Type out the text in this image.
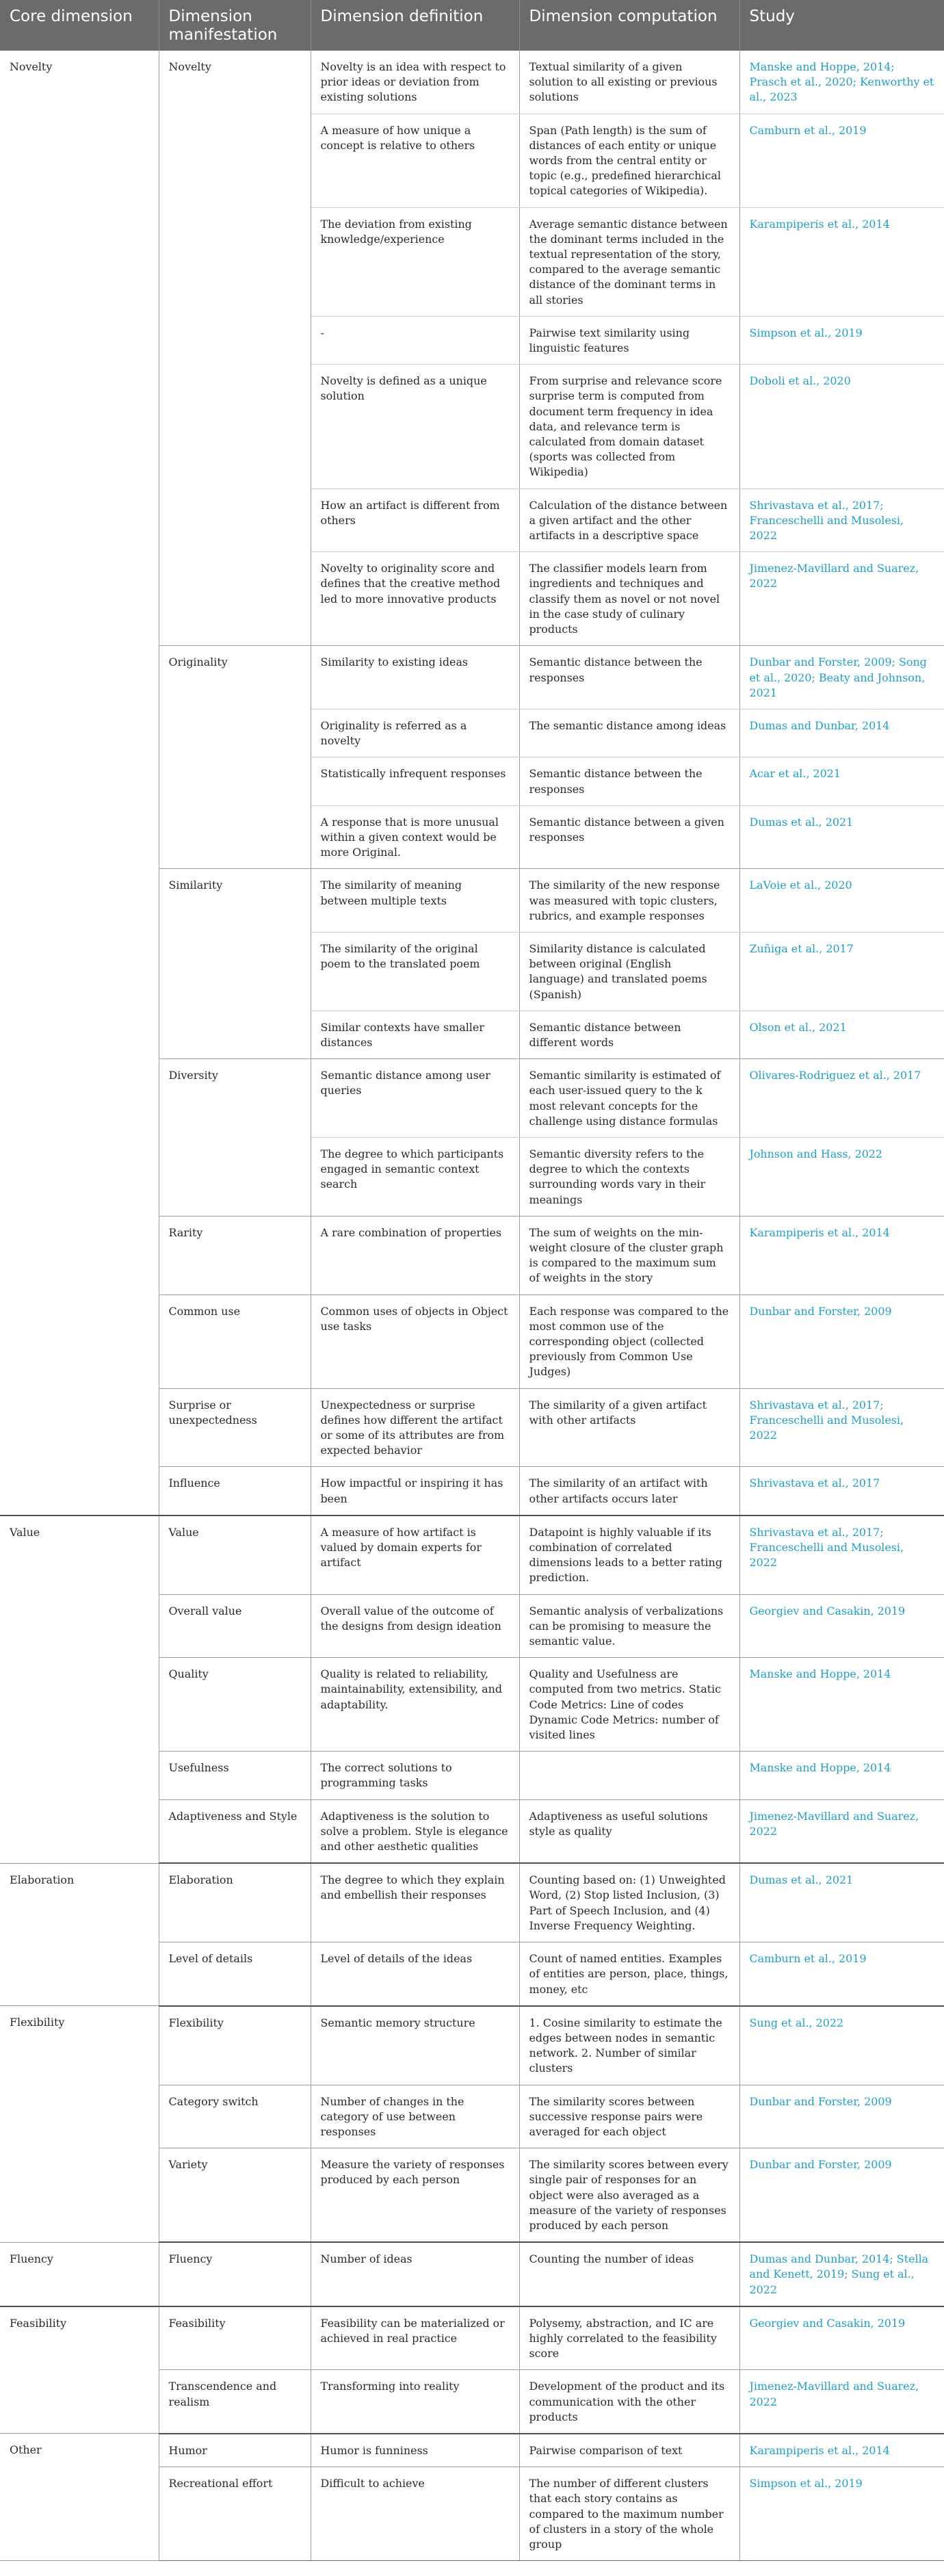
Core dimension	Dimension manifestation	Dimension definition	Dimension computation	Study
Novelty	Novelty	Novelty is an idea with respect to prior ideas or deviation from existing solutions	Textual similarity of a given solution to all existing or previous solutions	Manske and Hoppe, 2014; Prasch et al., 2020; Kenworthy et al., 2023
		A measure of how unique a concept is relative to others	Span (Path length) is the sum of distances of each entity or unique words from the central entity or topic (e.g., predefined hierarchical topical categories of Wikipedia).	Camburn et al., 2019
		The deviation from existing knowledge/experience	Average semantic distance between the dominant terms included in the textual representation of the story, compared to the average semantic distance of the dominant terms in all stories	Karampiperis et al., 2014
		-	Pairwise text similarity using linguistic features	Simpson et al., 2019
		Novelty is defined as a unique solution	From surprise and relevance score surprise term is computed from document term frequency in idea data, and relevance term is calculated from domain dataset (sports was collected from Wikipedia)	Doboli et al., 2020
		How an artifact is different from others	Calculation of the distance between a given artifact and the other artifacts in a descriptive space	Shrivastava et al., 2017; Franceschelli and Musolesi, 2022
		Novelty to originality score and defines that the creative method led to more innovative products	The classifier models learn from ingredients and techniques and classify them as novel or not novel in the case study of culinary products	Jimenez-Mavillard and Suarez, 2022
	Originality	Similarity to existing ideas	Semantic distance between the responses	Dunbar and Forster, 2009; Song et al., 2020; Beaty and Johnson, 2021
		Originality is referred as a novelty	The semantic distance among ideas	Dumas and Dunbar, 2014
		Statistically infrequent responses	Semantic distance between the responses	Acar et al., 2021
		A response that is more unusual within a given context would be more Original.	Semantic distance between a given responses	Dumas et al., 2021
	Similarity	The similarity of meaning between multiple texts	The similarity of the new response was measured with topic clusters, rubrics, and example responses	LaVoie et al., 2020
		The similarity of the original poem to the translated poem	Similarity distance is calculated between original (English language) and translated poems (Spanish)	Zuñiga et al., 2017
		Similar contexts have smaller distances	Semantic distance between different words	Olson et al., 2021
	Diversity	Semantic distance among user queries	Semantic similarity is estimated of each user-issued query to the k most relevant concepts for the challenge using distance formulas	Olivares-Rodriguez et al., 2017
		The degree to which participants engaged in semantic context search	Semantic diversity refers to the degree to which the contexts surrounding words vary in their meanings	Johnson and Hass, 2022
	Rarity	A rare combination of properties	The sum of weights on the min-weight closure of the cluster graph is compared to the maximum sum of weights in the story	Karampiperis et al., 2014
	Common use	Common uses of objects in Object use tasks	Each response was compared to the most common use of the corresponding object (collected previously from Common Use Judges)	Dunbar and Forster, 2009
	Surprise or unexpectedness	Unexpectedness or surprise defines how different the artifact or some of its attributes are from expected behavior	The similarity of a given artifact with other artifacts	Shrivastava et al., 2017; Franceschelli and Musolesi, 2022
	Influence	How impactful or inspiring it has been	The similarity of an artifact with other artifacts occurs later	Shrivastava et al., 2017
Value	Value	A measure of how artifact is valued by domain experts for artifact	Datapoint is highly valuable if its combination of correlated dimensions leads to a better rating prediction.	Shrivastava et al., 2017; Franceschelli and Musolesi, 2022
	Overall value	Overall value of the outcome of the designs from design ideation	Semantic analysis of verbalizations can be promising to measure the semantic value.	Georgiev and Casakin, 2019
	Quality	Quality is related to reliability, maintainability, extensibility, and adaptability.	Quality and Usefulness are computed from two metrics. Static Code Metrics: Line of codes Dynamic Code Metrics: number of visited lines	Manske and Hoppe, 2014
	Usefulness	The correct solutions to programming tasks		Manske and Hoppe, 2014
	Adaptiveness and Style	Adaptiveness is the solution to solve a problem. Style is elegance and other aesthetic qualities	Adaptiveness as useful solutions style as quality	Jimenez-Mavillard and Suarez, 2022
Elaboration	Elaboration	The degree to which they explain and embellish their responses	Counting based on: (1) Unweighted Word, (2) Stop listed Inclusion, (3) Part of Speech Inclusion, and (4) Inverse Frequency Weighting.	Dumas et al., 2021
	Level of details	Level of details of the ideas	Count of named entities. Examples of entities are person, place, things, money, etc	Camburn et al., 2019
Flexibility	Flexibility	Semantic memory structure	1. Cosine similarity to estimate the edges between nodes in semantic network. 2. Number of similar clusters	Sung et al., 2022
	Category switch	Number of changes in the category of use between responses	The similarity scores between successive response pairs were averaged for each object	Dunbar and Forster, 2009
	Variety	Measure the variety of responses produced by each person	The similarity scores between every single pair of responses for an object were also averaged as a measure of the variety of responses produced by each person	Dunbar and Forster, 2009
Fluency	Fluency	Number of ideas	Counting the number of ideas	Dumas and Dunbar, 2014; Stella and Kenett, 2019; Sung et al., 2022
Feasibility	Feasibility	Feasibility can be materialized or achieved in real practice	Polysemy, abstraction, and IC are highly correlated to the feasibility score	Georgiev and Casakin, 2019
	Transcendence and realism	Transforming into reality	Development of the product and its communication with the other products	Jimenez-Mavillard and Suarez, 2022
Other	Humor	Humor is funniness	Pairwise comparison of text	Karampiperis et al., 2014
	Recreational effort	Difficult to achieve	The number of different clusters that each story contains as compared to the maximum number of clusters in a story of the whole group	Simpson et al., 2019
